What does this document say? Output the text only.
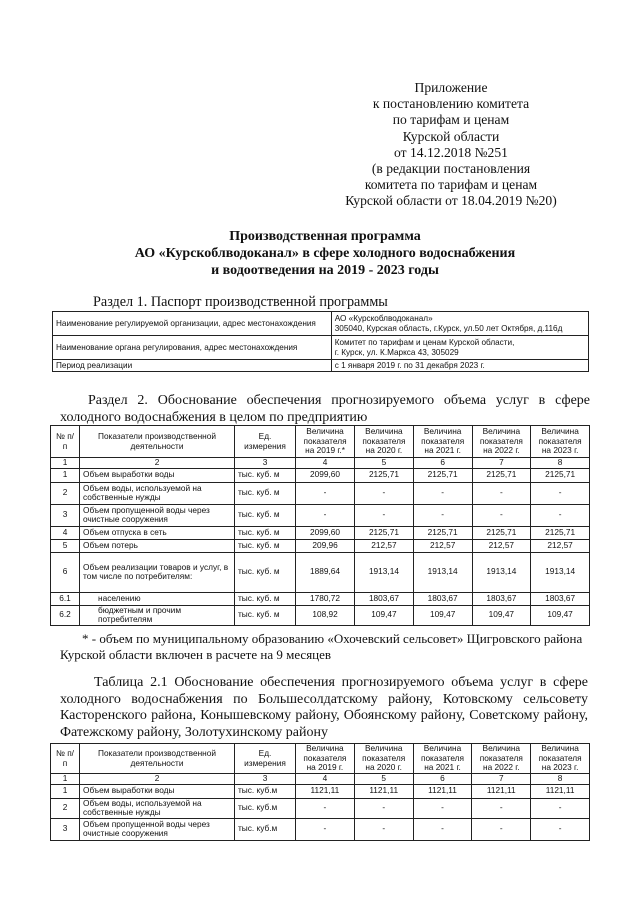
Приложение
к постановлению комитета
по тарифам и ценам
Курской области
от 14.12.2018 №251
(в редакции постановления
комитета по тарифам и ценам
Курской области от 18.04.2019 №20)
Производственная программа
АО «Курскоблводоканал» в сфере холодного водоснабжения
и водоотведения на 2019 - 2023 годы
Раздел 1. Паспорт производственной программы
Наименование регулируемой организации, адрес местонахождения	АО «Курскоблводоканал»
305040, Курская область, г.Курск, ул.50 лет Октября, д.116д

Наименование органа регулирования, адрес местонахождения	Комитет по тарифам и ценам Курской области,
г. Курск, ул. К.Маркса 43, 305029

Период реализации	с 1 января 2019 г. по 31 декабря 2023 г.
Раздел 2. Обоснование обеспечения прогнозируемого объема услуг в сфере холодного водоснабжения в целом по предприятию
№ п/п	Показатели производственной деятельности	Ед. измерения	Величина показателя на 2019 г.*	Величина показателя на 2020 г.	Величина показателя на 2021 г.	Величина показателя на 2022 г.	Величина показателя на 2023 г.
1	2	3	4	5	6	7	8
1	Объем выработки воды	тыс. куб. м	2099,60	2125,71	2125,71	2125,71	2125,71
2	Объем воды, используемой на собственные нужды	тыс. куб. м	-	-	-	-	-
3	Объем пропущенной воды через очистные сооружения	тыс. куб. м	-	-	-	-	-
4	Объем отпуска в сеть	тыс. куб. м	2099,60	2125,71	2125,71	2125,71	2125,71
5	Объем потерь	тыс. куб. м	209,96	212,57	212,57	212,57	212,57
6	Объем реализации товаров и услуг, в том числе по потребителям:	тыс. куб. м	1889,64	1913,14	1913,14	1913,14	1913,14
6.1	населению	тыс. куб. м	1780,72	1803,67	1803,67	1803,67	1803,67
6.2	бюджетным и прочим потребителям	тыс. куб. м	108,92	109,47	109,47	109,47	109,47
* - объем по муниципальному образованию «Охочевский сельсовет» Щигровского района
Курской области включен в расчете на 9 месяцев
Таблица 2.1 Обоснование обеспечения прогнозируемого объема услуг в сфере холодного водоснабжения по Большесолдатскому району, Котовскому сельсовету Касторенского района, Конышевскому району, Обоянскому району, Советскому району, Фатежскому району, Золотухинскому району
№ п/п	Показатели производственной деятельности	Ед. измерения	Величина показателя на 2019 г.	Величина показателя на 2020 г.	Величина показателя на 2021 г.	Величина показателя на 2022 г.	Величина показателя на 2023 г.
1	2	3	4	5	6	7	8
1	Объем выработки воды	тыс. куб.м	1121,11	1121,11	1121,11	1121,11	1121,11
2	Объем воды, используемой на собственные нужды	тыс. куб.м	-	-	-	-	-
3	Объем пропущенной воды через очистные сооружения	тыс. куб.м	-	-	-	-	-
